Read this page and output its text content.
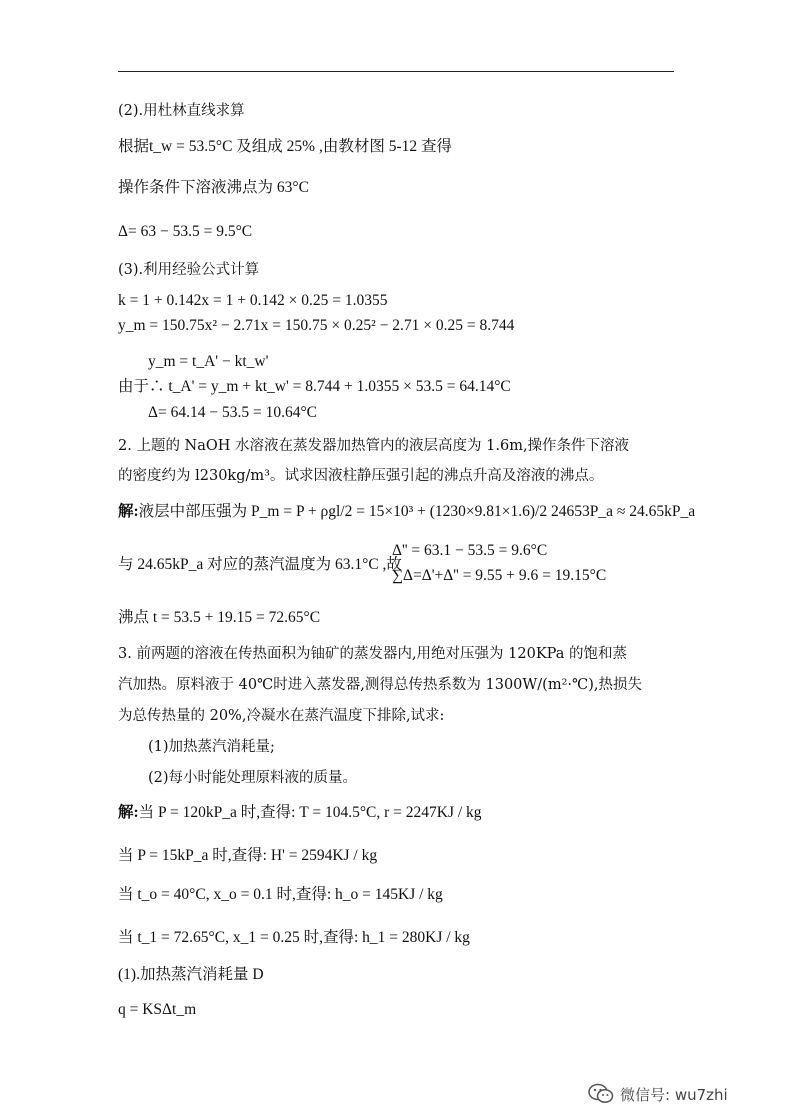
(2).用杜林直线求算
根据t_w = 53.5°C 及组成 25% ,由教材图 5-12 查得
操作条件下溶液沸点为 63°C
Δ= 63 − 53.5 = 9.5°C
(3).利用经验公式计算
k = 1 + 0.142x = 1 + 0.142 × 0.25 = 1.0355
y_m = 150.75x² − 2.71x = 150.75 × 0.25² − 2.71 × 0.25 = 8.744
y_m = t_A' − kt_w'
由于∴ t_A' = y_m + kt_w' = 8.744 + 1.0355 × 53.5 = 64.14°C
Δ= 64.14 − 53.5 = 10.64°C
2. 上题的 NaOH 水溶液在蒸发器加热管内的液层高度为 1.6m,操作条件下溶液
的密度约为 l230kg/m³。试求因液柱静压强引起的沸点升高及溶液的沸点。
解:液层中部压强为 P_m = P + ρgl/2 = 15×10³ + (1230×9.81×1.6)/2 24653P_a ≈ 24.65kP_a
与 24.65kP_a 对应的蒸汽温度为 63.1°C ,故
Δ'' = 63.1 − 53.5 = 9.6°C
∑Δ=Δ'+Δ'' = 9.55 + 9.6 = 19.15°C
沸点 t = 53.5 + 19.15 = 72.65°C
3. 前两题的溶液在传热面积为铀矿的蒸发器内,用绝对压强为 120KPa 的饱和蒸
汽加热。原料液于 40℃时进入蒸发器,测得总传热系数为 1300W/(m²·℃),热损失
为总传热量的 20%,冷凝水在蒸汽温度下排除,试求:
(1)加热蒸汽消耗量;
(2)每小时能处理原料液的质量。
解:当 P = 120kP_a 时,查得: T = 104.5°C, r = 2247KJ / kg
当 P = 15kP_a 时,查得: H' = 2594KJ / kg
当 t_o = 40°C, x_o = 0.1 时,查得: h_o = 145KJ / kg
当 t_1 = 72.65°C, x_1 = 0.25 时,查得: h_1 = 280KJ / kg
(1).加热蒸汽消耗量 D
q = KSΔt_m
微信号: wu7zhi
